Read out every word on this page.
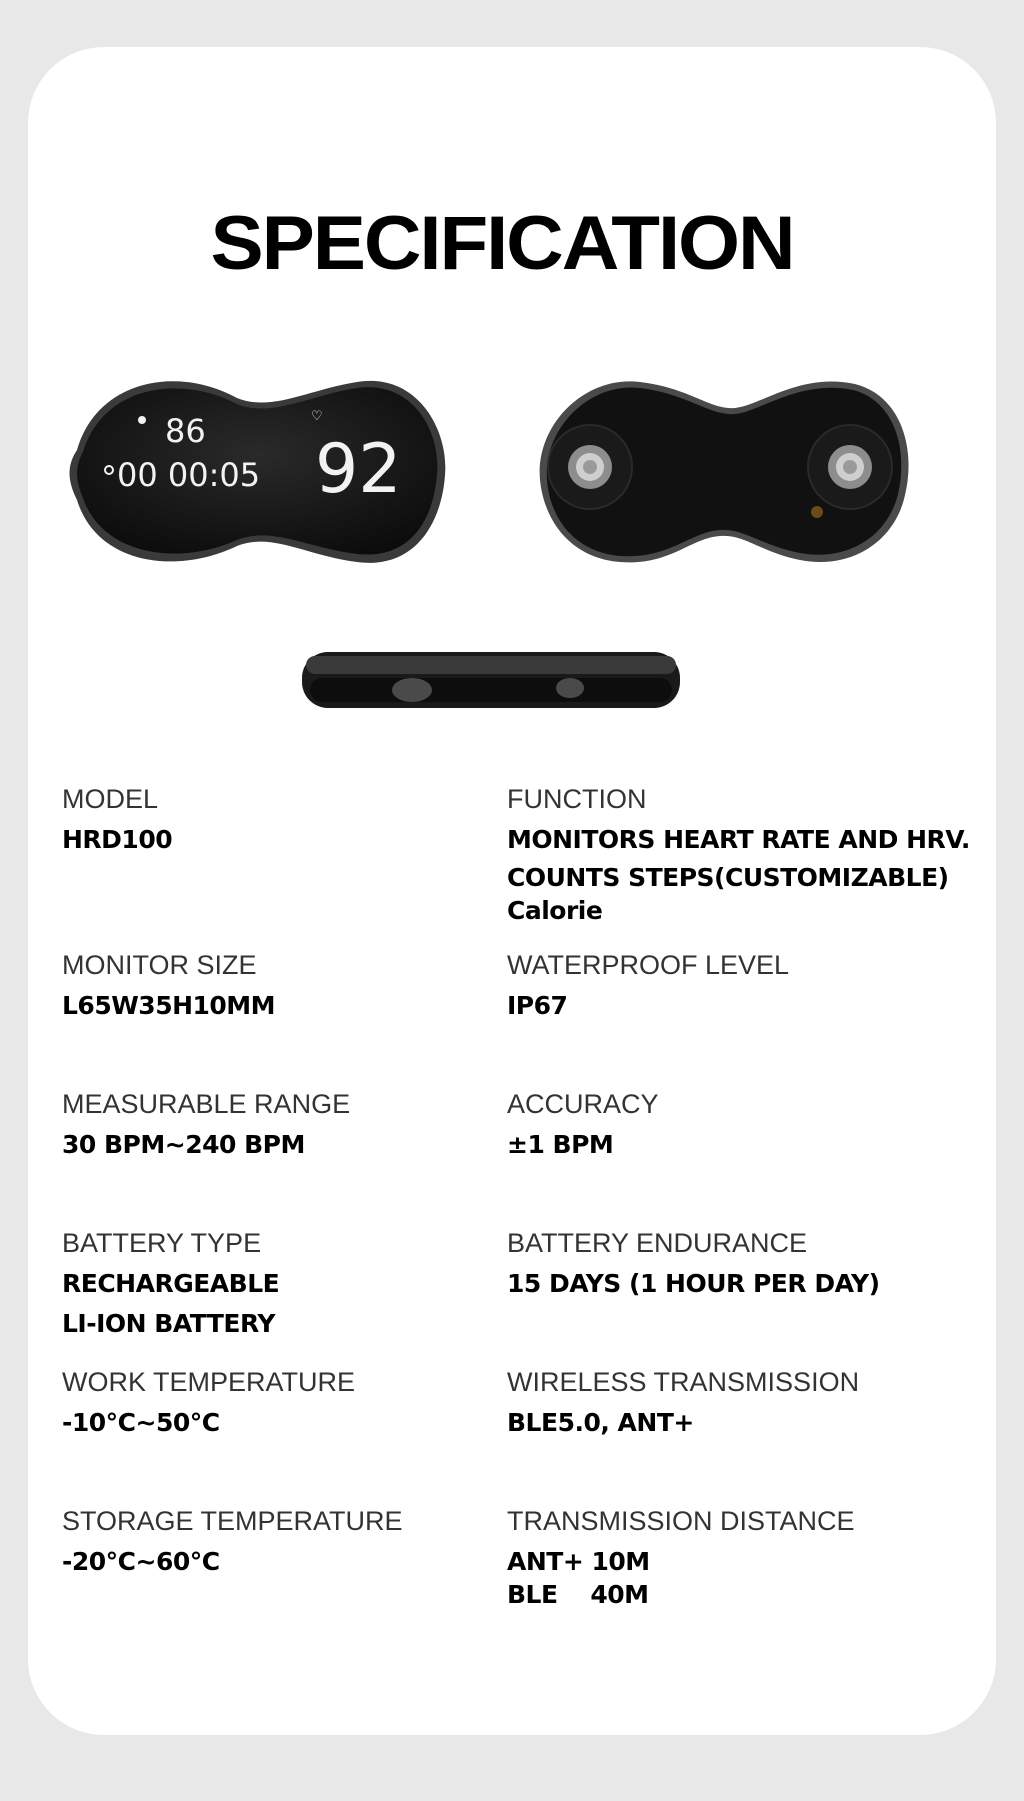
SPECIFICATION
86
00 00:05
♡
92
MODEL
HRD100
FUNCTION
MONITORS HEART RATE AND HRV.
COUNTS STEPS(CUSTOMIZABLE)
Calorie
MONITOR SIZE
L65W35H10MM
WATERPROOF LEVEL
IP67
MEASURABLE RANGE
30 BPM~240 BPM
ACCURACY
±1 BPM
BATTERY TYPE
RECHARGEABLE
LI-ION BATTERY
BATTERY ENDURANCE
15 DAYS (1 HOUR PER DAY)
WORK TEMPERATURE
-10°C~50°C
WIRELESS TRANSMISSION
BLE5.0, ANT+
STORAGE TEMPERATURE
-20°C~60°C
TRANSMISSION DISTANCE
ANT+ 10M
BLE    40M
